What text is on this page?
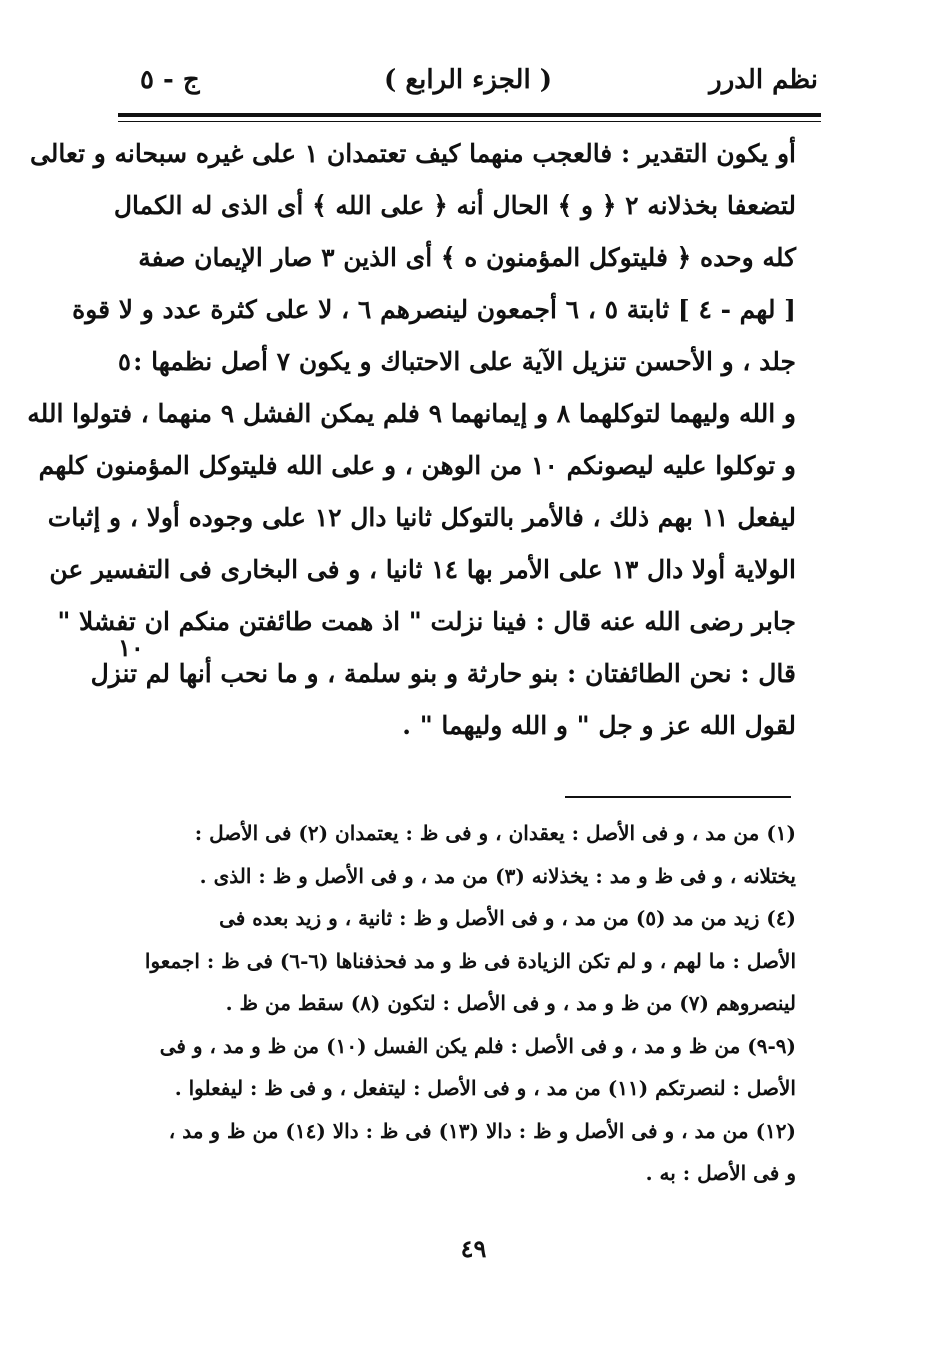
نظم الدرر
( الجزء الرابع )
ج - ٥
أو يكون التقدير : فالعجب منهما كيف تعتمدان ١ على غيره سبحانه و تعالى
لتضعفا بخذلانه ٢ ﴿ و ﴾ الحال أنه ﴿ على الله ﴾ أى الذى له الكمال
كله وحده ﴿ فليتوكل المؤمنون ه ﴾ أى الذين ٣ صار الإيمان صفة
[ لهم - ٤ ] ثابتة ٥ ، ٦ أجمعون لينصرهم ٦ ، لا على كثرة عدد و لا قوة
جلد ، و الأحسن تنزيل الآية على الاحتباك و يكون ٧ أصل نظمها :
و الله وليهما لتوكلهما ٨ و إيمانهما ٩ فلم يمكن الفشل ٩ منهما ، فتولوا الله
و توكلوا عليه ليصونكم ١٠ من الوهن ، و على الله فليتوكل المؤمنون كلهم
ليفعل ١١ بهم ذلك ، فالأمر بالتوكل ثانيا دال ١٢ على وجوده أولا ، و إثبات
الولاية أولا دال ١٣ على الأمر بها ١٤ ثانيا ، و فى البخارى فى التفسير عن
جابر رضى الله عنه قال : فينا نزلت " اذ همت طائفتن منكم ان تفشلا "
قال : نحن الطائفتان : بنو حارثة و بنو سلمة ، و ما نحب أنها لم تنزل
لقول الله عز و جل " و الله وليهما " .
٥
١٠
(١) من مد ، و فى الأصل : يعقدان ، و فى ظ : يعتمدان (٢) فى الأصل :
يختلانه ، و فى ظ و مد : يخذلانه (٣) من مد ، و فى الأصل و ظ : الذى .
(٤) زيد من مد (٥) من مد ، و فى الأصل و ظ : ثانية ، و زيد بعده فى
الأصل : ما لهم ، و لم تكن الزيادة فى ظ و مد فحذفناها (٦-٦) فى ظ : اجمعوا
لينصروهم (٧) من ظ و مد ، و فى الأصل : لتكون (٨) سقط من ظ .
(٩-٩) من ظ و مد ، و فى الأصل : فلم يكن الفسل (١٠) من ظ و مد ، و فى
الأصل : لنصرتكم (١١) من مد ، و فى الأصل : ليتفعل ، و فى ظ : ليفعلوا .
(١٢) من مد ، و فى الأصل و ظ : دالا (١٣) فى ظ : دالا (١٤) من ظ و مد ،
و فى الأصل : به .
٤٩
